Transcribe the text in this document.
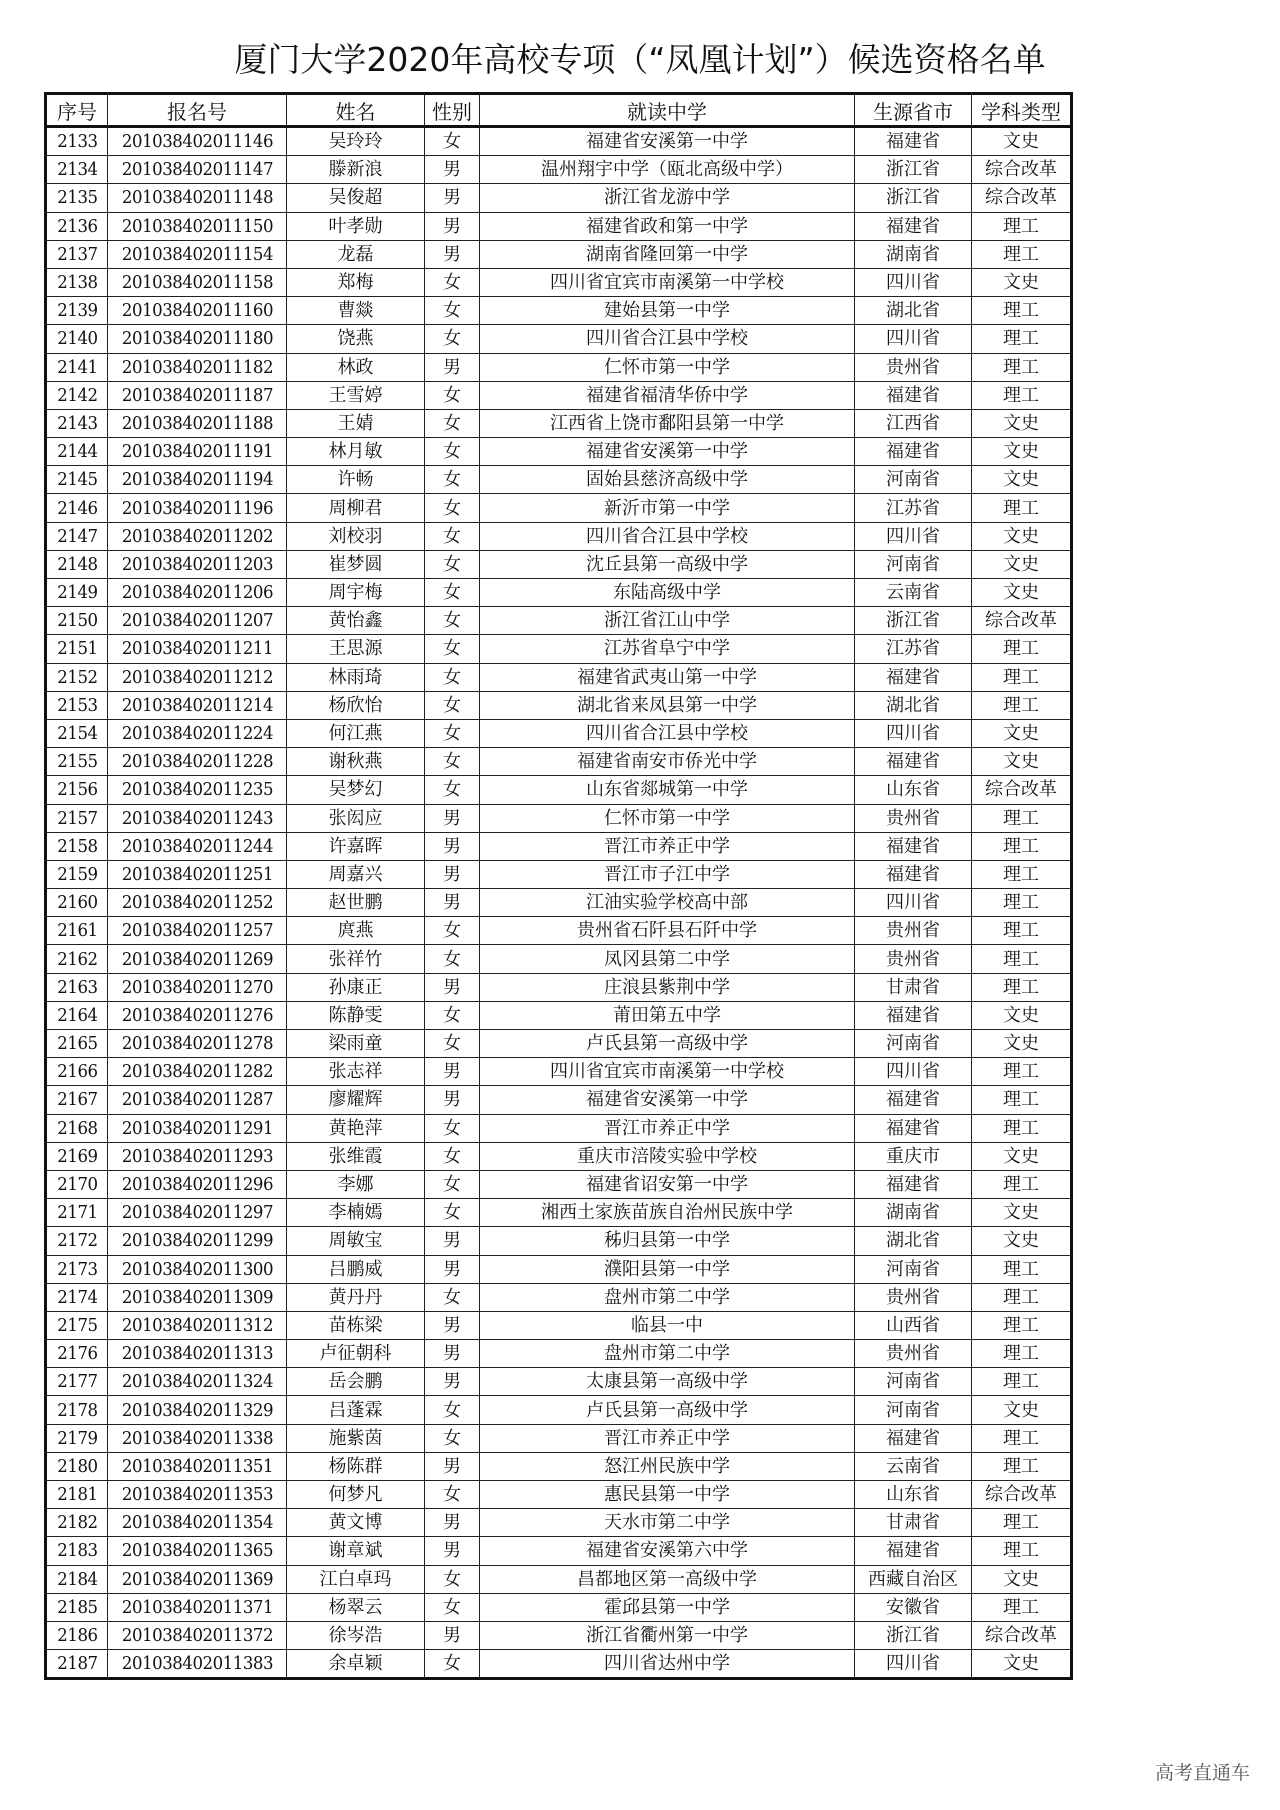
厦门大学2020年高校专项（“凤凰计划”）候选资格名单
序号	报名号	姓名	性别	就读中学	生源省市	学科类型
2133	201038402011146	吴玲玲	女	福建省安溪第一中学	福建省	文史
2134	201038402011147	滕新浪	男	温州翔宇中学（瓯北高级中学）	浙江省	综合改革
2135	201038402011148	吴俊超	男	浙江省龙游中学	浙江省	综合改革
2136	201038402011150	叶孝勋	男	福建省政和第一中学	福建省	理工
2137	201038402011154	龙磊	男	湖南省隆回第一中学	湖南省	理工
2138	201038402011158	郑梅	女	四川省宜宾市南溪第一中学校	四川省	文史
2139	201038402011160	曹燚	女	建始县第一中学	湖北省	理工
2140	201038402011180	饶燕	女	四川省合江县中学校	四川省	理工
2141	201038402011182	林政	男	仁怀市第一中学	贵州省	理工
2142	201038402011187	王雪婷	女	福建省福清华侨中学	福建省	理工
2143	201038402011188	王婧	女	江西省上饶市鄱阳县第一中学	江西省	文史
2144	201038402011191	林月敏	女	福建省安溪第一中学	福建省	文史
2145	201038402011194	许畅	女	固始县慈济高级中学	河南省	文史
2146	201038402011196	周柳君	女	新沂市第一中学	江苏省	理工
2147	201038402011202	刘校羽	女	四川省合江县中学校	四川省	文史
2148	201038402011203	崔梦圆	女	沈丘县第一高级中学	河南省	文史
2149	201038402011206	周宇梅	女	东陆高级中学	云南省	文史
2150	201038402011207	黄怡鑫	女	浙江省江山中学	浙江省	综合改革
2151	201038402011211	王思源	女	江苏省阜宁中学	江苏省	理工
2152	201038402011212	林雨琦	女	福建省武夷山第一中学	福建省	理工
2153	201038402011214	杨欣怡	女	湖北省来凤县第一中学	湖北省	理工
2154	201038402011224	何江燕	女	四川省合江县中学校	四川省	文史
2155	201038402011228	谢秋燕	女	福建省南安市侨光中学	福建省	文史
2156	201038402011235	吴梦幻	女	山东省郯城第一中学	山东省	综合改革
2157	201038402011243	张闳应	男	仁怀市第一中学	贵州省	理工
2158	201038402011244	许嘉晖	男	晋江市养正中学	福建省	理工
2159	201038402011251	周嘉兴	男	晋江市子江中学	福建省	理工
2160	201038402011252	赵世鹏	男	江油实验学校高中部	四川省	理工
2161	201038402011257	庹燕	女	贵州省石阡县石阡中学	贵州省	理工
2162	201038402011269	张祥竹	女	凤冈县第二中学	贵州省	理工
2163	201038402011270	孙康正	男	庄浪县紫荆中学	甘肃省	理工
2164	201038402011276	陈静雯	女	莆田第五中学	福建省	文史
2165	201038402011278	梁雨童	女	卢氏县第一高级中学	河南省	文史
2166	201038402011282	张志祥	男	四川省宜宾市南溪第一中学校	四川省	理工
2167	201038402011287	廖耀辉	男	福建省安溪第一中学	福建省	理工
2168	201038402011291	黄艳萍	女	晋江市养正中学	福建省	理工
2169	201038402011293	张维霞	女	重庆市涪陵实验中学校	重庆市	文史
2170	201038402011296	李娜	女	福建省诏安第一中学	福建省	理工
2171	201038402011297	李楠嫣	女	湘西土家族苗族自治州民族中学	湖南省	文史
2172	201038402011299	周敏宝	男	秭归县第一中学	湖北省	文史
2173	201038402011300	吕鹏威	男	濮阳县第一中学	河南省	理工
2174	201038402011309	黄丹丹	女	盘州市第二中学	贵州省	理工
2175	201038402011312	苗栋梁	男	临县一中	山西省	理工
2176	201038402011313	卢征朝科	男	盘州市第二中学	贵州省	理工
2177	201038402011324	岳会鹏	男	太康县第一高级中学	河南省	理工
2178	201038402011329	吕蓬霖	女	卢氏县第一高级中学	河南省	文史
2179	201038402011338	施紫茵	女	晋江市养正中学	福建省	理工
2180	201038402011351	杨陈群	男	怒江州民族中学	云南省	理工
2181	201038402011353	何梦凡	女	惠民县第一中学	山东省	综合改革
2182	201038402011354	黄文博	男	天水市第二中学	甘肃省	理工
2183	201038402011365	谢章斌	男	福建省安溪第六中学	福建省	理工
2184	201038402011369	江白卓玛	女	昌都地区第一高级中学	西藏自治区	文史
2185	201038402011371	杨翠云	女	霍邱县第一中学	安徽省	理工
2186	201038402011372	徐岑浩	男	浙江省衢州第一中学	浙江省	综合改革
2187	201038402011383	余卓颖	女	四川省达州中学	四川省	文史
高考直通车
